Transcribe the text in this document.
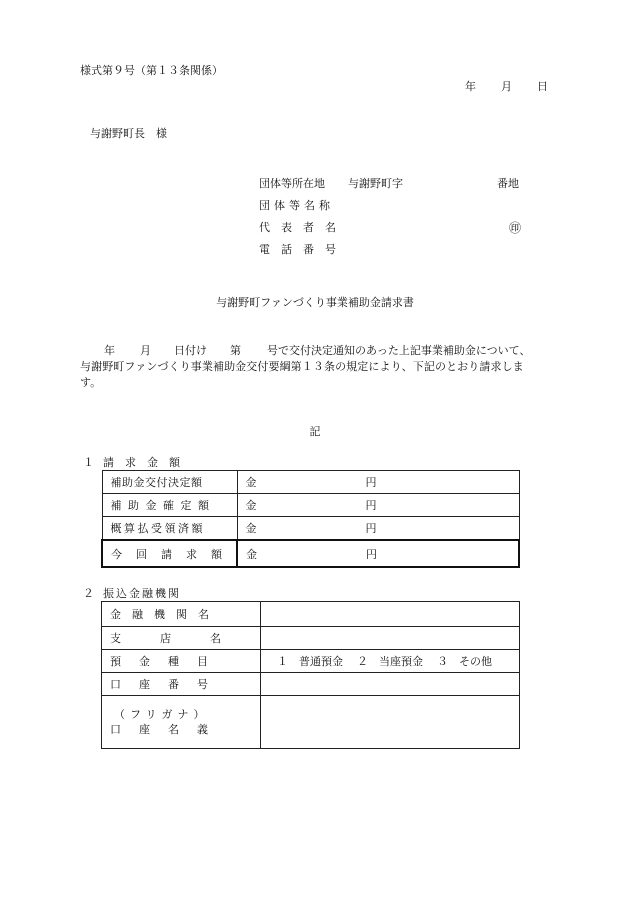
様式第９号（第１３条関係）
年 月 日
与謝野町長　様
団体等所在地 与謝野町字	番地
団体等名称
代表者名	㊞
電話番号
与謝野町ファンづくり事業補助金請求書
年 月 日付け 第 号で交付決定通知のあった上記事業補助金について、
与謝野町ファンづくり事業補助金交付要綱第１３条の規定により、下記のとおり請求しま
す。
記
１ 請求金額
補助金交付決定額	金 円
補助金確定額	金 円
概算払受領済額	金 円
今回請求額	金 円
２ 振込金融機関
金融機関名	
支店名	
預金種目	１　普通預金 ２　当座預金 ３　その他
口座番号	

（フリガナ）
口座名義	
